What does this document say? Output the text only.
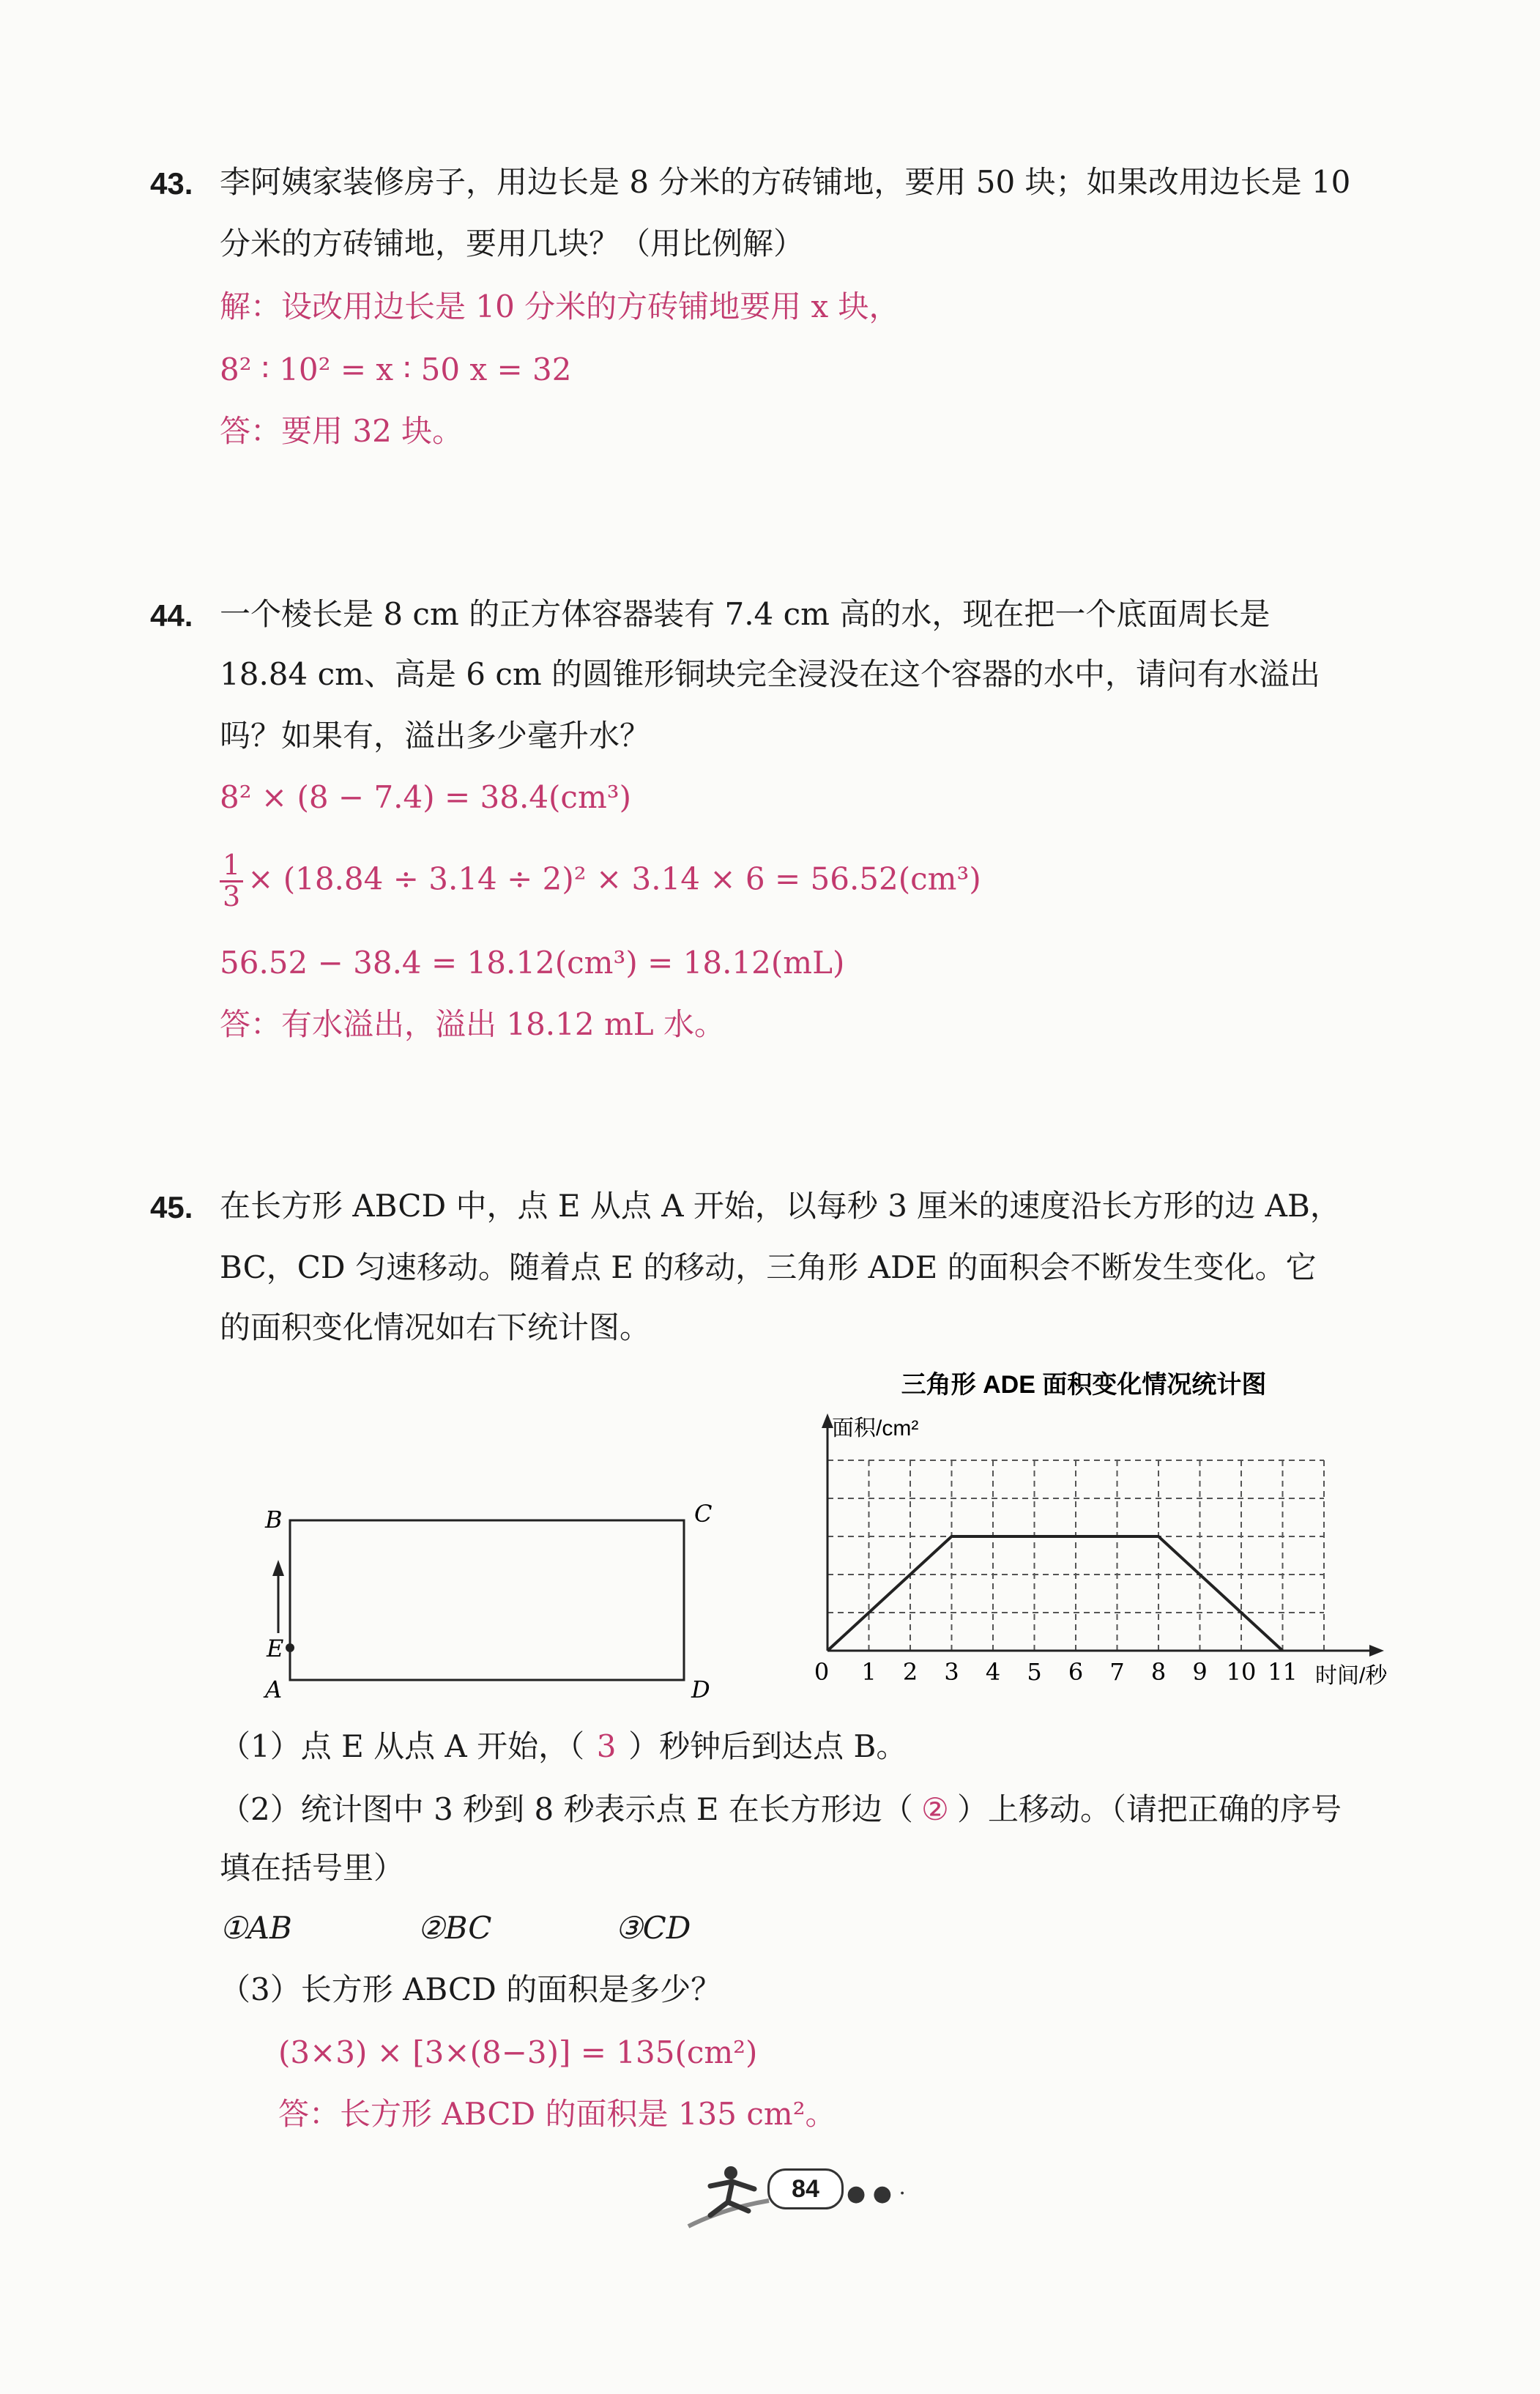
43. 李阿姨家装修房子，用边长是 8 分米的方砖铺地，要用 50 块；如果改用边长是 10
分米的方砖铺地，要用几块？（用比例解）
解：设改用边长是 10 分米的方砖铺地要用 x 块，
8² ∶ 10² = x ∶ 50 x = 32
答：要用 32 块。
44. 一个棱长是 8 cm 的正方体容器装有 7.4 cm 高的水，现在把一个底面周长是
18.84 cm、高是 6 cm 的圆锥形铜块完全浸没在这个容器的水中，请问有水溢出
吗？如果有，溢出多少毫升水？
8² × (8 − 7.4) = 38.4(cm³)
$\frac{1}{3} \times (18.84 \div 3.14 \div 2)^2 \times 3.14 \times 6 = 56.52(cm^3)$
56.52 − 38.4 = 18.12(cm³) = 18.12(mL)
答：有水溢出，溢出 18.12 mL 水。
45. 在长方形 ABCD 中，点 E 从点 A 开始，以每秒 3 厘米的速度沿长方形的边 AB，
BC，CD 匀速移动。随着点 E 的移动，三角形 ADE 的面积会不断发生变化。它
的面积变化情况如右下统计图。
B	C
E
A	D
三角形 ADE 面积变化情况统计图
面积/cm²
时间/秒
0 1 2 3 4 5 6 7 8 9 10 11
（1）点 E 从点 A 开始，（ 3 ）秒钟后到达点 B。
（2）统计图中 3 秒到 8 秒表示点 E 在长方形边（ ② ）上移动。（请把正确的序号
填在括号里）
①AB	②BC	③CD
（3）长方形 ABCD 的面积是多少？
(3×3) × [3×(8−3)] = 135(cm²)
答：长方形 ABCD 的面积是 135 cm²。
84	● ● ·
